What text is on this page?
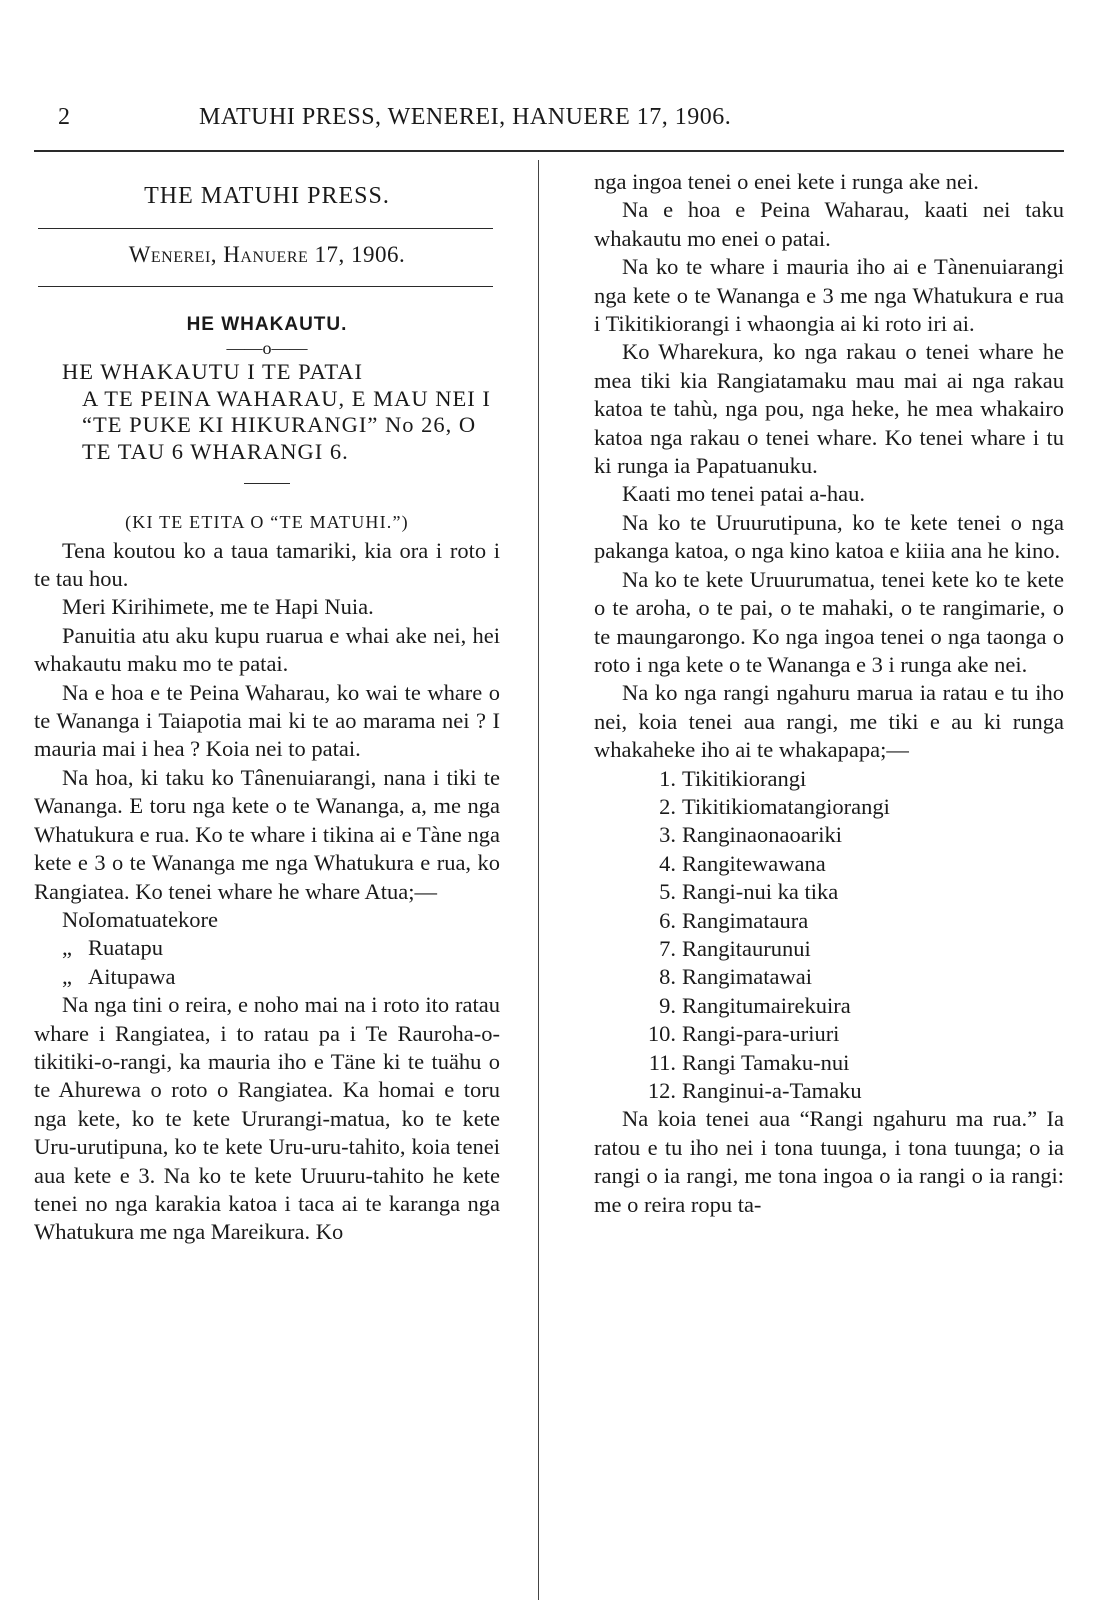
2	MATUHI PRESS, WENEREI, HANUERE 17, 1906.
THE MATUHI PRESS.
Wenerei, Hanuere 17, 1906.
HE WHAKAUTU.
——o——
HE WHAKAUTU I TE PATAI
A TE PEINA WAHARAU, E MAU NEI I “TE PUKE KI HIKURANGI” No 26, O TE TAU 6 WHARANGI 6.
(KI TE ETITA O “TE MATUHI.”)

Tena koutou ko a taua tamariki, kia ora i roto i te tau hou.

Meri Kirihimete, me te Hapi Nuia.

Panuitia atu aku kupu ruarua e whai ake nei, hei whakautu maku mo te patai.

Na e hoa e te Peina Waharau, ko wai te whare o te Wananga i Taiapotia mai ki te ao marama nei ? I mauria mai i hea ? Koia nei to patai.

Na hoa, ki taku ko Tânenuiarangi, nana i tiki te Wananga. E toru nga kete o te Wananga, a, me nga Whatukura e rua. Ko te whare i tikina ai e Tàne nga kete e 3 o te Wananga me nga Whatukura e rua, ko Rangiatea. Ko tenei whare he whare Atua;—

NoIomatuatekore
„ Ruatapu
„ Aitupawa

Na nga tini o reira, e noho mai na i roto ito ratau whare i Rangiatea, i to ratau pa i Te Rauroha-o-tikitiki-o-rangi, ka mauria iho e Täne ki te tuähu o te Ahurewa o roto o Rangiatea. Ka homai e toru nga kete, ko te kete Ururangi-matua, ko te kete Uru-urutipuna, ko te kete Uru-uru-tahito, koia tenei aua kete e 3. Na ko te kete Uruuru-tahito he kete tenei no nga karakia katoa i taca ai te karanga nga Whatukura me nga Mareikura. Ko

nga ingoa tenei o enei kete i runga ake nei.

Na e hoa e Peina Waharau, kaati nei taku whakautu mo enei o patai.

Na ko te whare i mauria iho ai e Tànenuiarangi nga kete o te Wananga e 3 me nga Whatukura e rua i Tikitikiorangi i whaongia ai ki roto iri ai.

Ko Wharekura, ko nga rakau o tenei whare he mea tiki kia Rangiatamaku mau mai ai nga rakau katoa te tahù, nga pou, nga heke, he mea whakairo katoa nga rakau o tenei whare. Ko tenei whare i tu ki runga ia Papatuanuku.

Kaati mo tenei patai a-hau.

Na ko te Uruurutipuna, ko te kete tenei o nga pakanga katoa, o nga kino katoa e kiiia ana he kino.

Na ko te kete Uruurumatua, tenei kete ko te kete o te aroha, o te pai, o te mahaki, o te rangimarie, o te maungarongo. Ko nga ingoa tenei o nga taonga o roto i nga kete o te Wananga e 3 i runga ake nei.

Na ko nga rangi ngahuru marua ia ratau e tu iho nei, koia tenei aua rangi, me tiki e au ki runga whakaheke iho ai te whakapapa;—

1. Tikitikiorangi
2. Tikitikiomatangiorangi
3. Ranginaonaoariki
4. Rangitewawana
5. Rangi-nui ka tika
6. Rangimataura
7. Rangitaurunui
8. Rangimatawai
9. Rangitumairekuira
10. Rangi-para-uriuri
11. Rangi Tamaku-nui
12. Ranginui-a-Tamaku

Na koia tenei aua “Rangi ngahuru ma rua.” Ia ratou e tu iho nei i tona tuunga, i tona tuunga; o ia rangi o ia rangi, me tona ingoa o ia rangi o ia rangi: me o reira ropu ta-
